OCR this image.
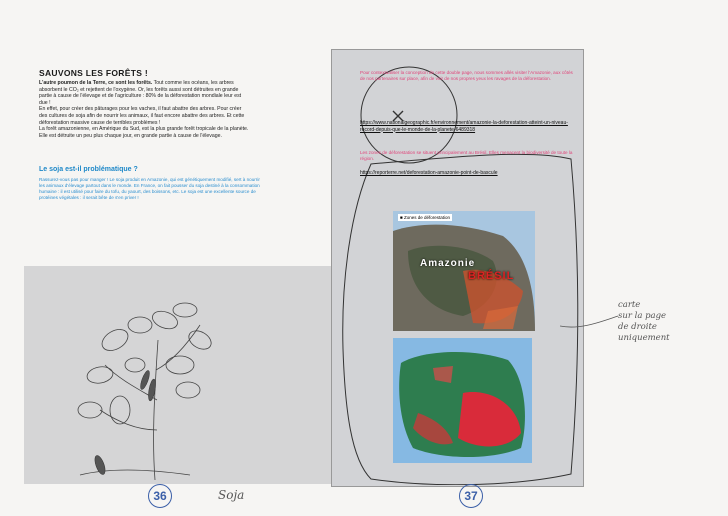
SAUVONS LES FORÊTS !
L'autre poumon de la Terre, ce sont les forêts. Tout comme les océans, les arbres absorbent le CO₂ et rejettent de l'oxygène. Or, les forêts aussi sont détruites en grande partie à cause de l'élevage et de l'agriculture : 80% de la déforestation mondiale leur est due !
En effet, pour créer des pâturages pour les vaches, il faut abattre des arbres. Pour créer des cultures de soja afin de nourrir les animaux, il faut encore abattre des arbres. Et cette déforestation massive cause de terribles problèmes !
La forêt amazonienne, en Amérique du Sud, est la plus grande forêt tropicale de la planète. Elle est détruite un peu plus chaque jour, en grande partie à cause de l'élevage.
Le soja est-il problématique ?
Rassurez-vous pas pour manger ! Le soja produit en Amazonie, qui est génétiquement modifié, sert à nourrir les animaux d'élevage partout dans le monde. En France, on fait pousser du soja destiné à la consommation humaine : il est utilisé pour faire du tofu, du yaourt, des boissons, etc. Le soja est une excellente source de protéines végétales : il serait bête de s'en priver !
36	Soja
Pour contextualiser la conception de cette double page, nous sommes allés visiter l'Amazonie, aux côtés de nos partenaires sur place, afin de voir de nos propres yeux les ravages de la déforestation.
https://www.nationalgeographic.fr/environnement/amazonie-la-deforestation-atteint-un-niveau-record-depuis-que-le-monde-de-la-planete-6489318
Les zones de déforestation se situent principalement au Brésil. Elles menacent la biodiversité de toute la région.
https://reporterre.net/deforestation-amazonie-point-de-bascule
■ Zones de déforestation
Amazonie
BRÉSIL
37
carte
sur la page
de droite
uniquement
